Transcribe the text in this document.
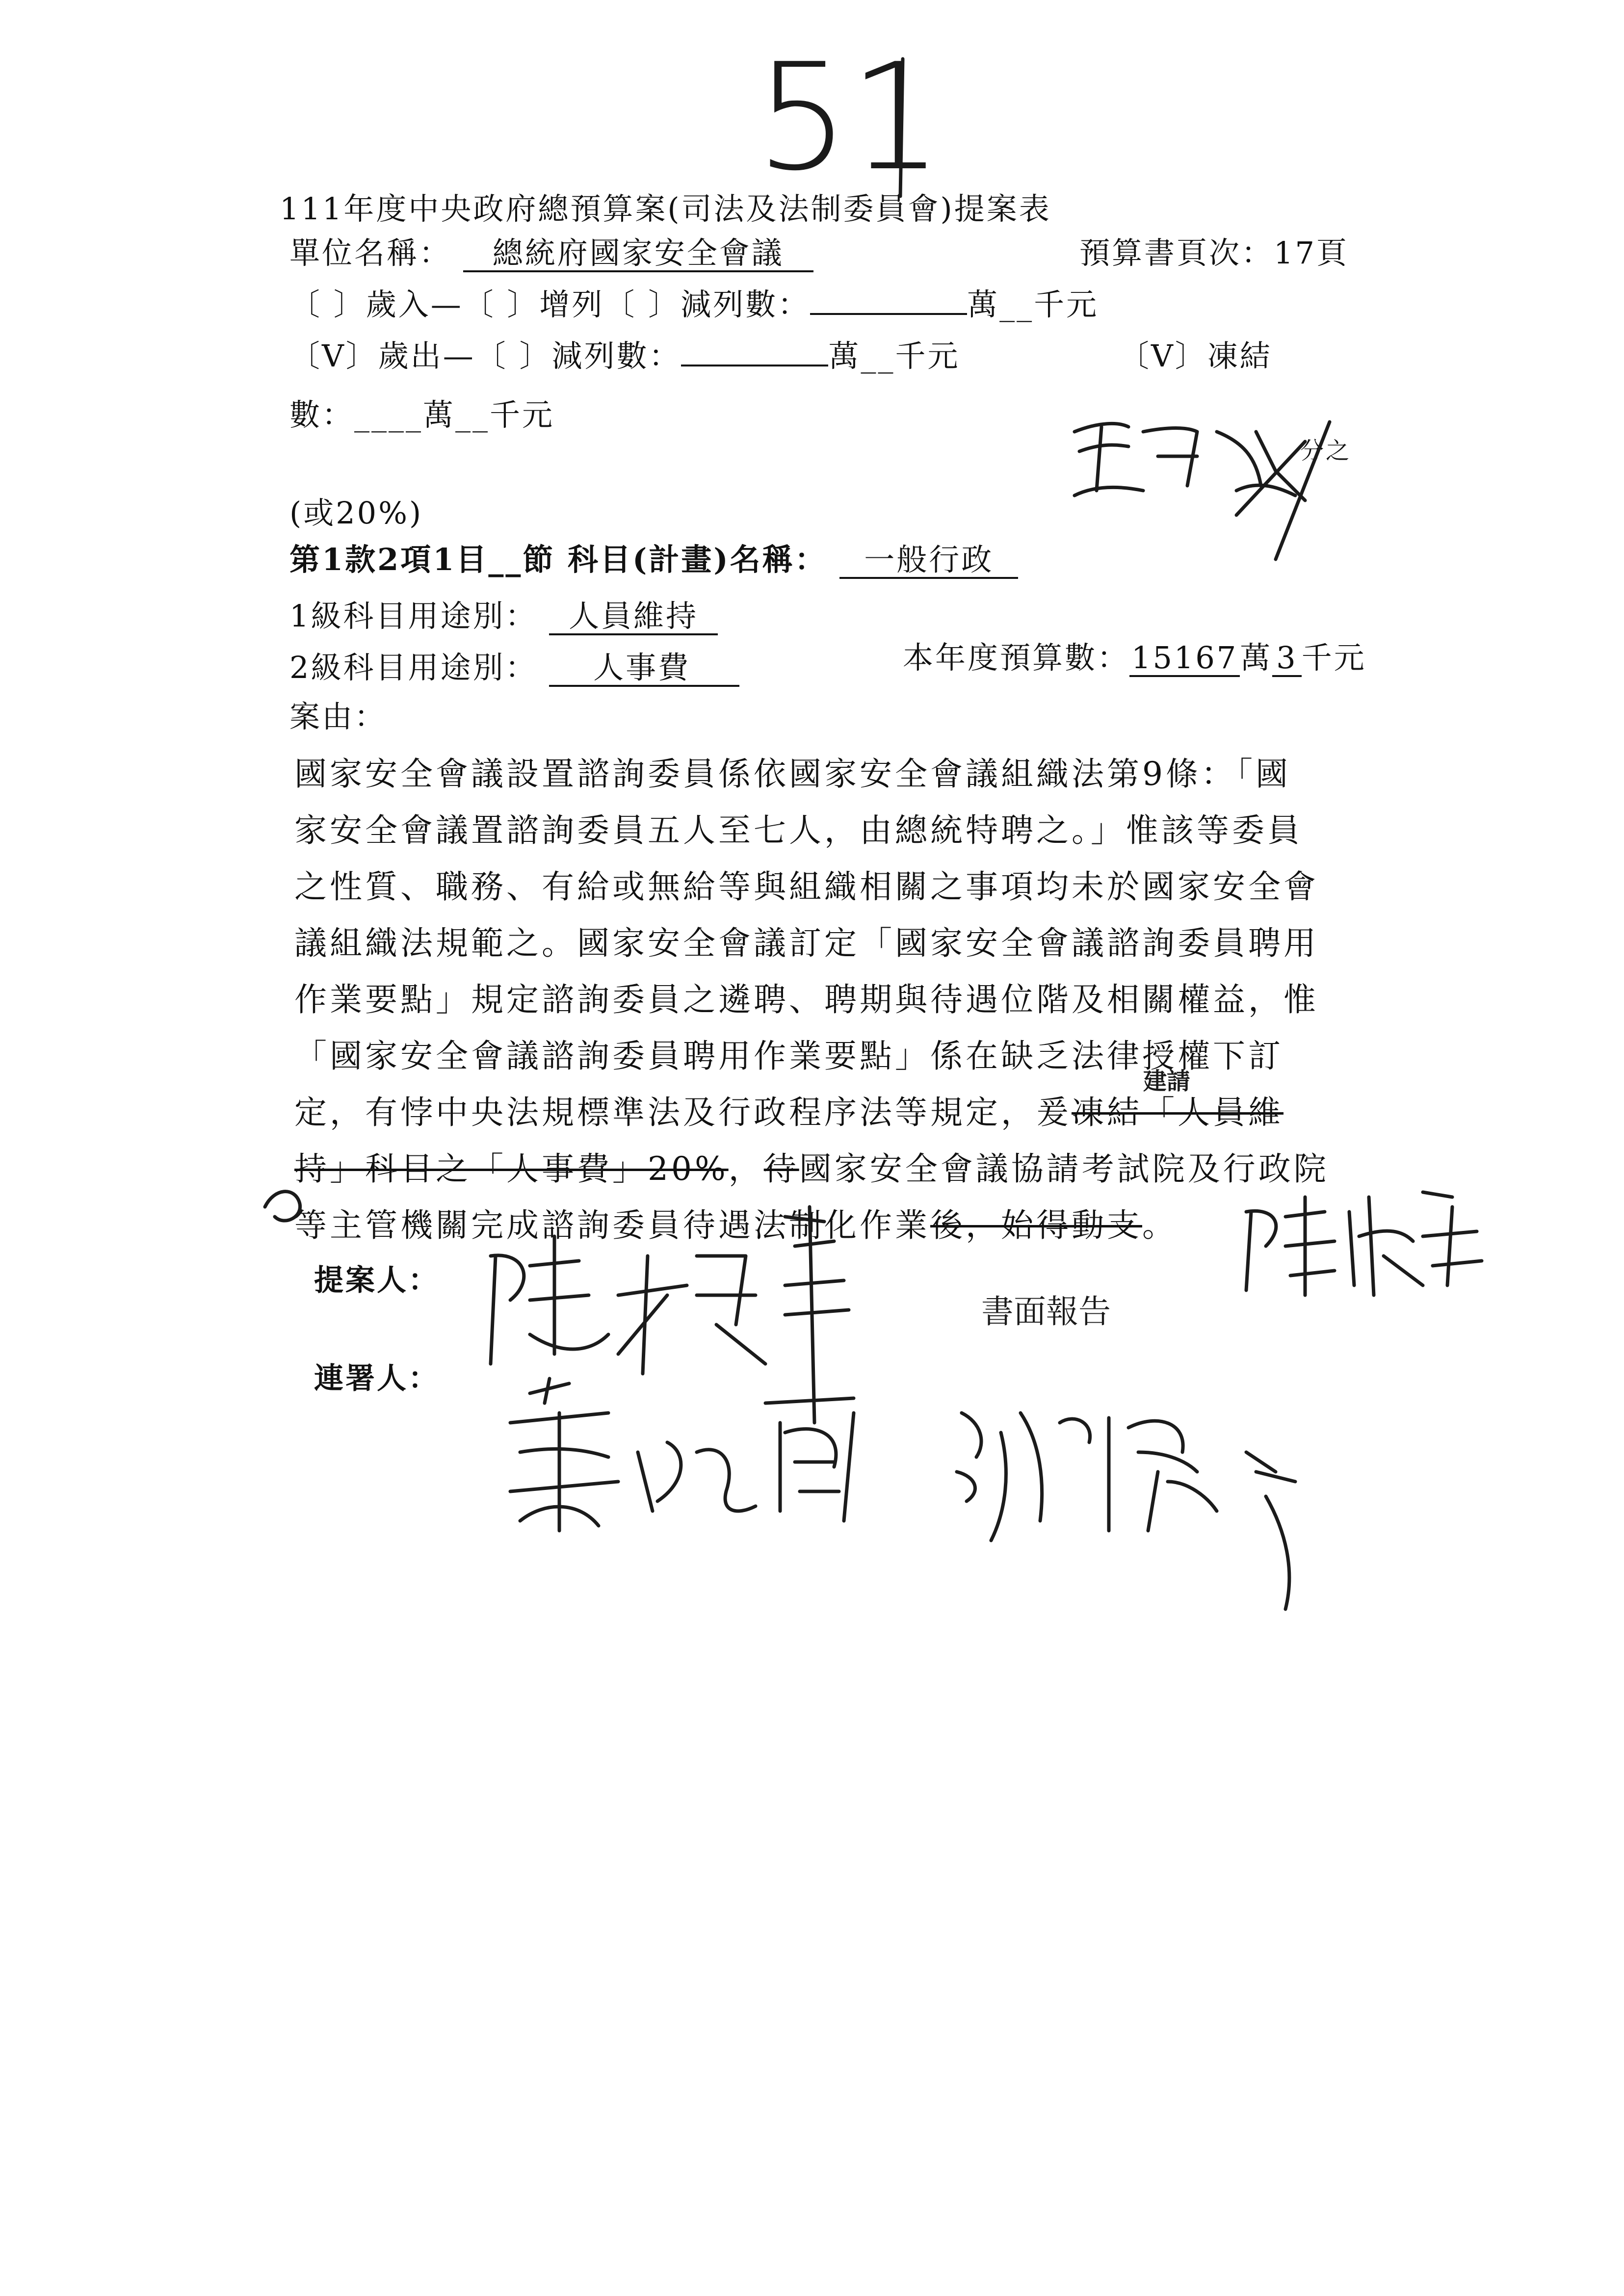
51
111年度中央政府總預算案(司法及法制委員會)提案表
單位名稱： 總統府國家安全會議	預算書頁次：17頁
〔 〕歲入—〔 〕增列〔 〕減列數：	萬__千元
〔V〕歲出—〔 〕減列數：	萬__千元	〔V〕凍結
數：____萬__千元
分之
(或20%)
第1款2項1目__節 科目(計畫)名稱： 一般行政
1級科目用途別： 人員維持
2級科目用途別： 人事費	本年度預算數：15167萬 3 千元
案由：
國家安全會議設置諮詢委員係依國家安全會議組織法第9條：「國
家安全會議置諮詢委員五人至七人，由總統特聘之。」惟該等委員
之性質、職務、有給或無給等與組織相關之事項均未於國家安全會
議組織法規範之。國家安全會議訂定「國家安全會議諮詢委員聘用
作業要點」規定諮詢委員之遴聘、聘期與待遇位階及相關權益，惟
「國家安全會議諮詢委員聘用作業要點」係在缺乏法律授權下訂
定，有悖中央法規標準法及行政程序法等規定，爰凍結「人員維
建請
持」科目之「人事費」20%，待國家安全會議協請考試院及行政院
等主管機關完成諮詢委員待遇法制化作業後，始得動支。
書面報告
提案人：
連署人：
